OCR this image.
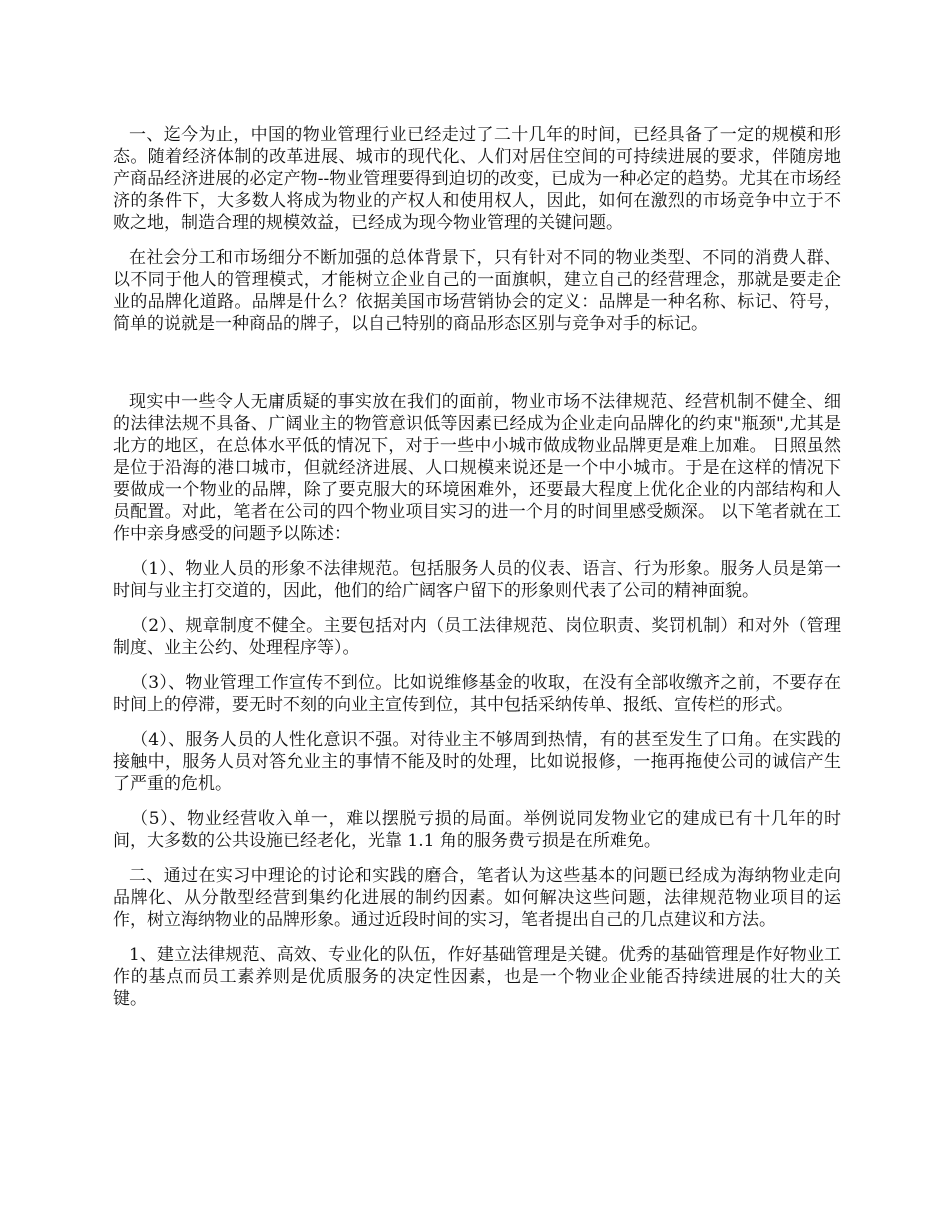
一、迄今为止，中国的物业管理行业已经走过了二十几年的时间，已经具备了一定的规模和形态。随着经济体制的改革进展、城市的现代化、人们对居住空间的可持续进展的要求，伴随房地产商品经济进展的必定产物--物业管理要得到迫切的改变，已成为一种必定的趋势。尤其在市场经济的条件下，大多数人将成为物业的产权人和使用权人，因此，如何在激烈的市场竞争中立于不败之地，制造合理的规模效益，已经成为现今物业管理的关键问题。

在社会分工和市场细分不断加强的总体背景下，只有针对不同的物业类型、不同的消费人群、以不同于他人的管理模式，才能树立企业自己的一面旗帜，建立自己的经营理念，那就是要走企业的品牌化道路。品牌是什么？依据美国市场营销协会的定义：品牌是一种名称、标记、符号，简单的说就是一种商品的牌子，以自己特别的商品形态区别与竞争对手的标记。

现实中一些令人无庸质疑的事实放在我们的面前，物业市场不法律规范、经营机制不健全、细的法律法规不具备、广阔业主的物管意识低等因素已经成为企业走向品牌化的约束"瓶颈",尤其是北方的地区，在总体水平低的情况下，对于一些中小城市做成物业品牌更是难上加难。 日照虽然是位于沿海的港口城市，但就经济进展、人口规模来说还是一个中小城市。于是在这样的情况下要做成一个物业的品牌，除了要克服大的环境困难外，还要最大程度上优化企业的内部结构和人员配置。对此，笔者在公司的四个物业项目实习的进一个月的时间里感受颇深。 以下笔者就在工作中亲身感受的问题予以陈述：

（1）、物业人员的形象不法律规范。包括服务人员的仪表、语言、行为形象。服务人员是第一时间与业主打交道的，因此，他们的给广阔客户留下的形象则代表了公司的精神面貌。

（2）、规章制度不健全。主要包括对内（员工法律规范、岗位职责、奖罚机制）和对外（管理制度、业主公约、处理程序等）。

（3）、物业管理工作宣传不到位。比如说维修基金的收取，在没有全部收缴齐之前，不要存在时间上的停滞，要无时不刻的向业主宣传到位，其中包括采纳传单、报纸、宣传栏的形式。

（4）、服务人员的人性化意识不强。对待业主不够周到热情，有的甚至发生了口角。在实践的接触中，服务人员对答允业主的事情不能及时的处理，比如说报修，一拖再拖使公司的诚信产生了严重的危机。

（5）、物业经营收入单一，难以摆脱亏损的局面。举例说同发物业它的建成已有十几年的时间，大多数的公共设施已经老化，光靠 1.1 角的服务费亏损是在所难免。

二、通过在实习中理论的讨论和实践的磨合，笔者认为这些基本的问题已经成为海纳物业走向品牌化、从分散型经营到集约化进展的制约因素。如何解决这些问题，法律规范物业项目的运作，树立海纳物业的品牌形象。通过近段时间的实习，笔者提出自己的几点建议和方法。

1、建立法律规范、高效、专业化的队伍，作好基础管理是关键。优秀的基础管理是作好物业工作的基点而员工素养则是优质服务的决定性因素，也是一个物业企业能否持续进展的壮大的关键。
